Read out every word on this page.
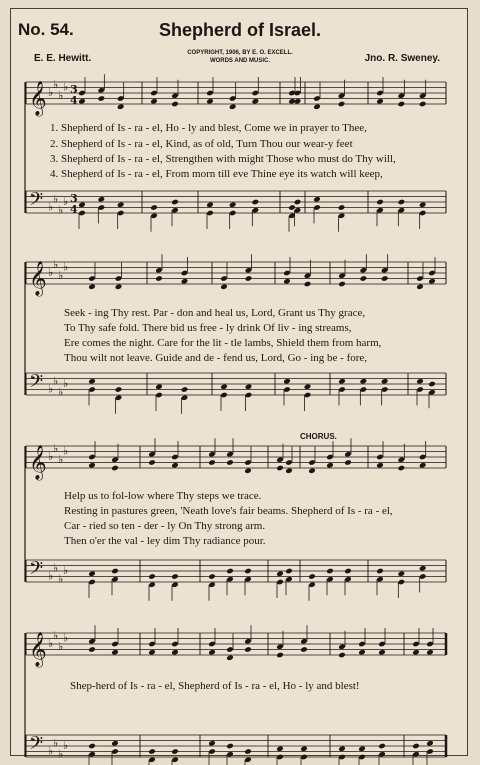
𝄞 ♭
♭
♭
♭ 3
4
𝄢 ♭
♭
♭
♭ 3
4
𝄞 ♭
♭
♭
♭
𝄢 ♭
♭
♭
♭
𝄞 ♭
♭
♭
♭
𝄢 ♭
♭
♭
♭
𝄞 ♭
♭
♭
♭
𝄢 ♭
♭
♭
♭
No. 54.	Shepherd of Israel.
E. E. Hewitt.	COPYRIGHT, 1906, BY E. O. EXCELL.
WORDS AND MUSIC.	Jno. R. Sweney.
CHORUS.
1. Shepherd of Is - ra - el, Ho - ly and blest, Come we in prayer to Thee,
2. Shepherd of Is - ra - el, Kind, as of old, Turn Thou our wear-y feet
3. Shepherd of Is - ra - el, Strengthen with might Those who must do Thy will,
4. Shepherd of Is - ra - el, From morn till eve Thine eye its watch will keep,
Seek - ing Thy rest. Par - don and heal us, Lord, Grant us Thy grace,
To Thy safe fold. There bid us free - ly drink Of liv - ing streams,
Ere comes the night. Care for the lit - tle lambs, Shield them from harm,
Thou wilt not leave. Guide and de - fend us, Lord, Go - ing be - fore,
Help us to fol-low where Thy steps we trace.
Resting in pastures green, 'Neath love's fair beams. Shepherd of Is - ra - el,
Car - ried so ten - der - ly On Thy strong arm.
Then o'er the val - ley dim Thy radiance pour.
Shep-herd of Is - ra - el, Shepherd of Is - ra - el, Ho - ly and blest!
